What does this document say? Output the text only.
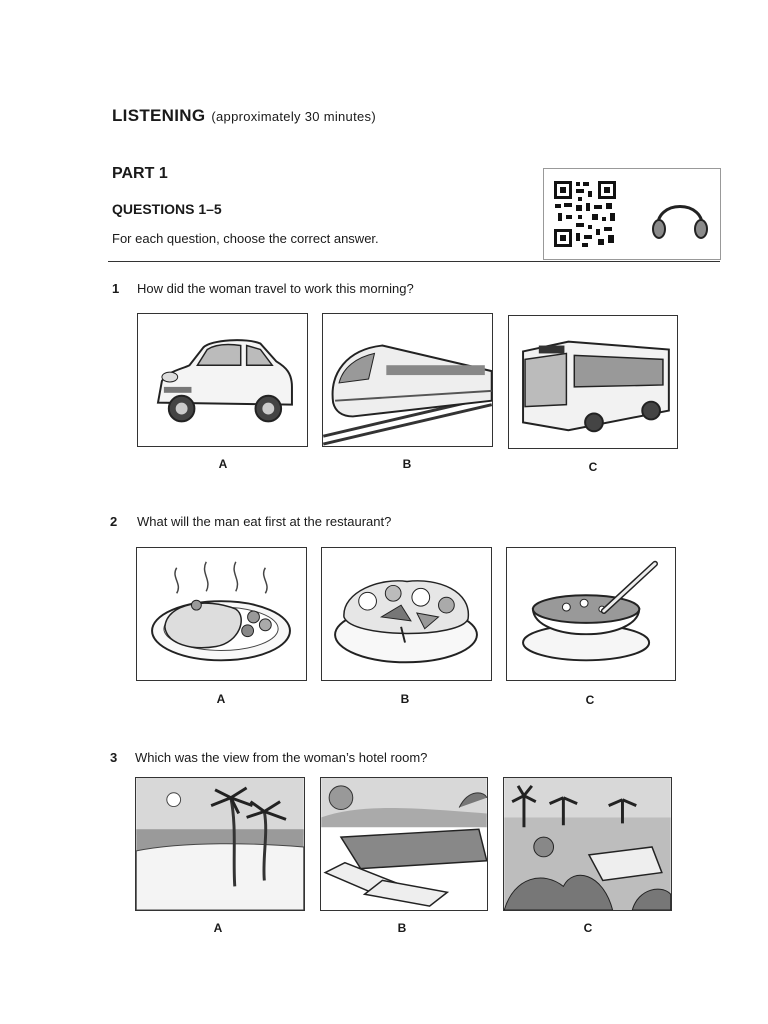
LISTENING (approximately 30 minutes)
PART 1
QUESTIONS 1–5
For each question, choose the correct answer.
1 How did the woman travel to work this morning?
A	B	C
2 What will the man eat first at the restaurant?
A	B	C
3 Which was the view from the woman’s hotel room?
A	B	C
